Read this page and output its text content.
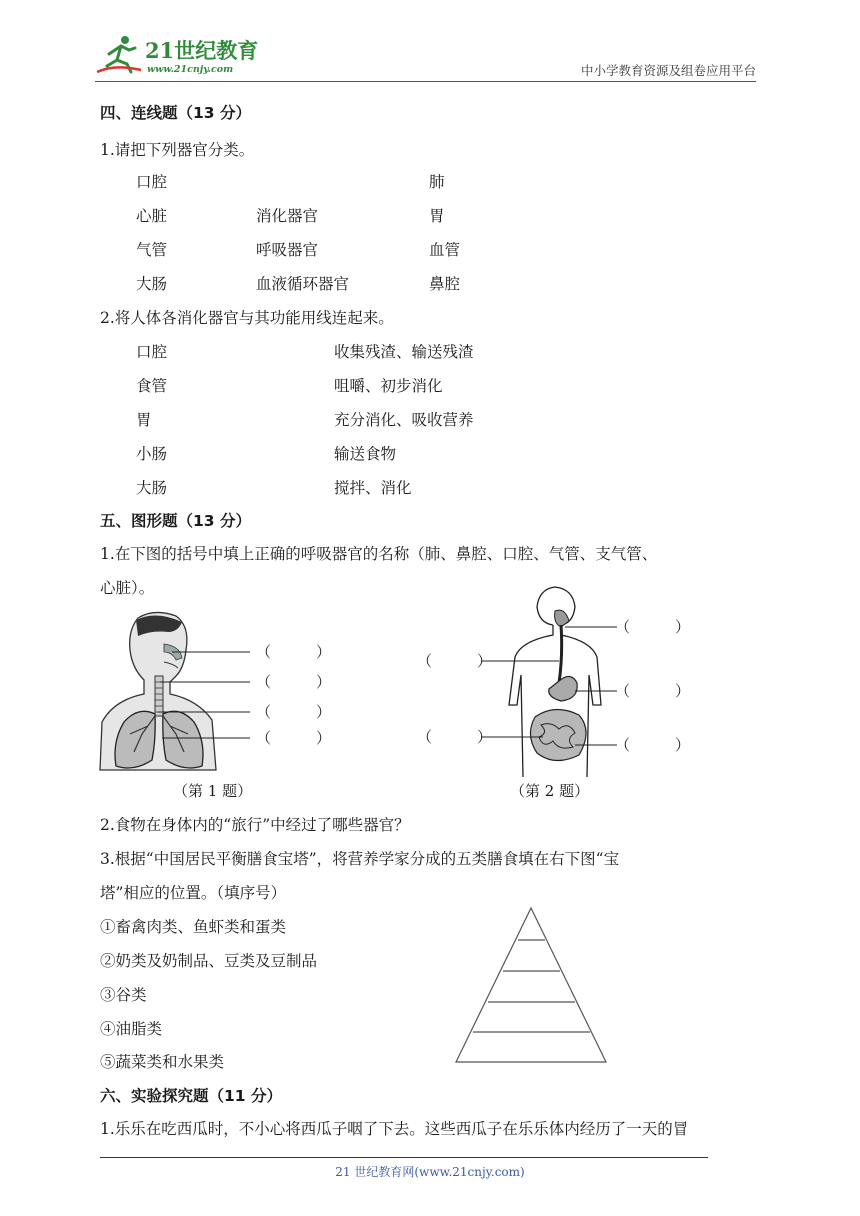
21世纪教育
www.21cnjy.com	中小学教育资源及组卷应用平台
四、连线题（13 分）
1.请把下列器官分类。
口腔
心脏
气管
大肠
消化器官
呼吸器官
血液循环器官
肺
胃
血管
鼻腔
2.将人体各消化器官与其功能用线连起来。
口腔
食管
胃
小肠
大肠
收集残渣、输送残渣
咀嚼、初步消化
充分消化、吸收营养
输送食物
搅拌、消化
五、图形题（13 分）
1.在下图的括号中填上正确的呼吸器官的名称（肺、鼻腔、口腔、气管、支气管、
心脏）。
（　　　）
（　　　）
（　　　）
（　　　）
（第 1 题）
（　　　）
（　　　）
（　　　）
（　　　）	（　　　）
（第 2 题）
2.食物在身体内的“旅行”中经过了哪些器官？
3.根据“中国居民平衡膳食宝塔”，将营养学家分成的五类膳食填在右下图“宝
塔”相应的位置。（填序号）
①畜禽肉类、鱼虾类和蛋类
②奶类及奶制品、豆类及豆制品
③谷类
④油脂类
⑤蔬菜类和水果类
六、实验探究题（11 分）
1.乐乐在吃西瓜时，不小心将西瓜子咽了下去。这些西瓜子在乐乐体内经历了一天的冒
21 世纪教育网(www.21cnjy.com)
